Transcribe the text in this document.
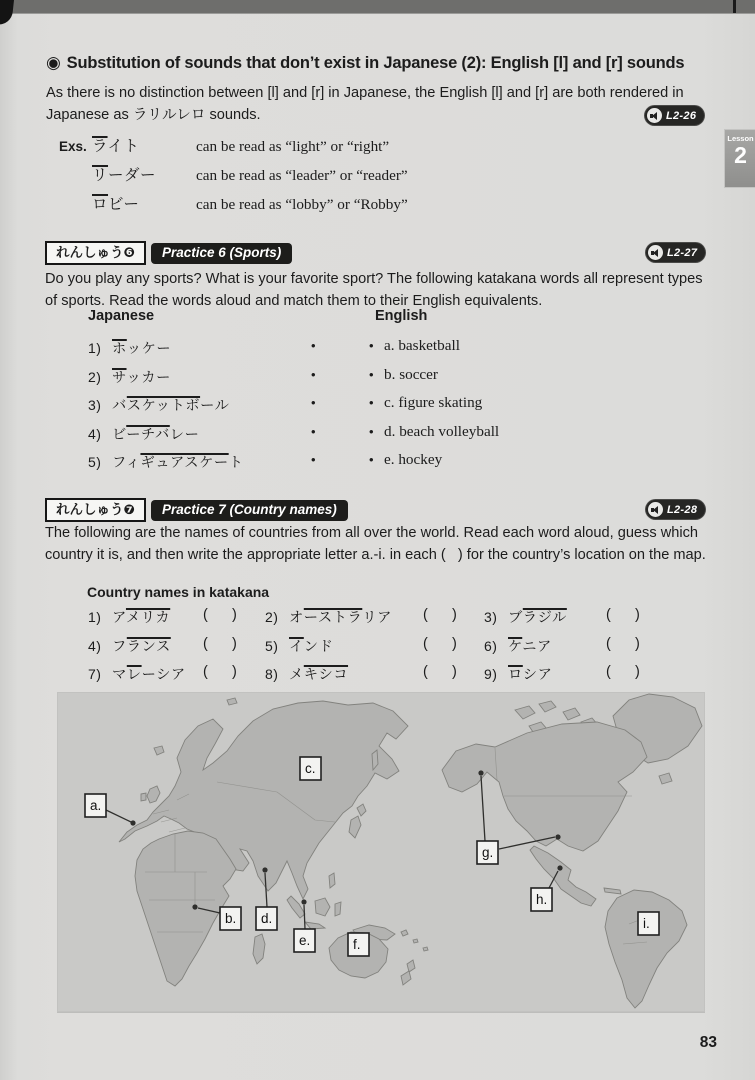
◉ Substitution of sounds that don’t exist in Japanese (2): English [l] and [r] sounds
As there is no distinction between [l] and [r] in Japanese, the English [l] and [r] are both rendered in Japanese as ラリルレロ sounds.	L2-26
Exs. ライト	can be read as “light” or “right”
リーダー	can be read as “leader” or “reader”
ロビー	can be read as “lobby” or “Robby”
Lesson
2
れんしゅう❻	Practice 6 (Sports)	L2-27
Do you play any sports? What is your favorite sport? The following katakana words all represent types of sports. Read the words aloud and match them to their English equivalents.
Japanese	English
1) ホッケー	•	• a. basketball
2) サッカー	•	• b. soccer
3) バスケットボール	•	• c. figure skating
4) ビーチバレー	•	• d. beach volleyball
5) フィギュアスケート	•	• e. hockey
れんしゅう❼	Practice 7 (Country names)	L2-28
The following are the names of countries from all over the world. Read each word aloud, guess which country it is, and then write the appropriate letter a.-i. in each (   ) for the country’s location on the map.
Country names in katakana
1) アメリカ (      ) 2) オーストラリア (      ) 3) ブラジル	(      )
4) フランス (      ) 5) インド	(      ) 6) ケニア	(      )
7) マレーシア (      ) 8) メキシコ	(      ) 9) ロシア	(      )
a.
b.
c.
d.
e.	f.
g.
h.
i.
83
